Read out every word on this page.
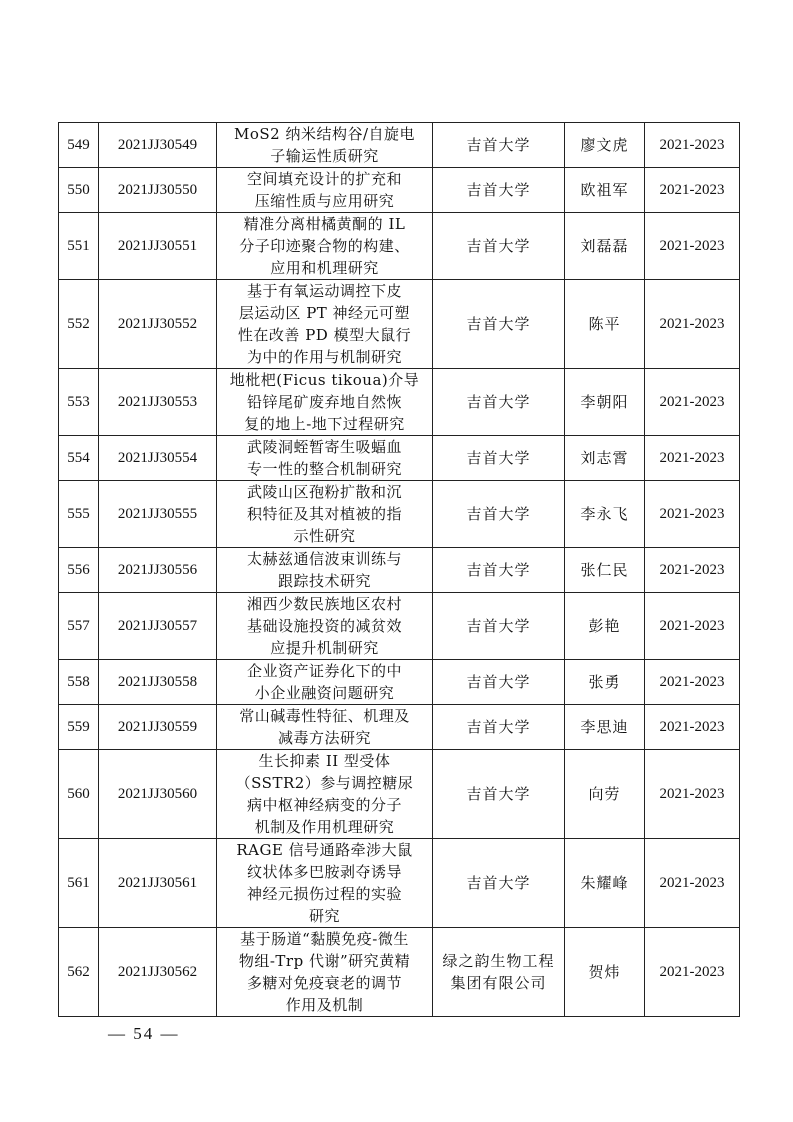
549	2021JJ30549	MoS2 纳米结构谷/自旋电
子输运性质研究	吉首大学	廖文虎	2021-2023
550	2021JJ30550	空间填充设计的扩充和
压缩性质与应用研究	吉首大学	欧祖军	2021-2023
551	2021JJ30551	精准分离柑橘黄酮的 IL
分子印迹聚合物的构建、
应用和机理研究	吉首大学	刘磊磊	2021-2023
552	2021JJ30552	基于有氧运动调控下皮
层运动区 PT 神经元可塑
性在改善 PD 模型大鼠行
为中的作用与机制研究	吉首大学	陈平	2021-2023
553	2021JJ30553	地枇杷(Ficus tikoua)介导
铅锌尾矿废弃地自然恢
复的地上-地下过程研究	吉首大学	李朝阳	2021-2023
554	2021JJ30554	武陵洞蛭暂寄生吸蝠血
专一性的整合机制研究	吉首大学	刘志霄	2021-2023
555	2021JJ30555	武陵山区孢粉扩散和沉
积特征及其对植被的指
示性研究	吉首大学	李永飞	2021-2023
556	2021JJ30556	太赫兹通信波束训练与
跟踪技术研究	吉首大学	张仁民	2021-2023
557	2021JJ30557	湘西少数民族地区农村
基础设施投资的减贫效
应提升机制研究	吉首大学	彭艳	2021-2023
558	2021JJ30558	企业资产证券化下的中
小企业融资问题研究	吉首大学	张勇	2021-2023
559	2021JJ30559	常山碱毒性特征、机理及
减毒方法研究	吉首大学	李思迪	2021-2023
560	2021JJ30560	生长抑素 II 型受体
（SSTR2）参与调控糖尿
病中枢神经病变的分子
机制及作用机理研究	吉首大学	向劳	2021-2023
561	2021JJ30561	RAGE 信号通路牵涉大鼠
纹状体多巴胺剥夺诱导
神经元损伤过程的实验
研究	吉首大学	朱耀峰	2021-2023
562	2021JJ30562	基于肠道“黏膜免疫-微生
物组-Trp 代谢”研究黄精
多糖对免疫衰老的调节
作用及机制	绿之韵生物工程
集团有限公司	贺炜	2021-2023
— 54 —
